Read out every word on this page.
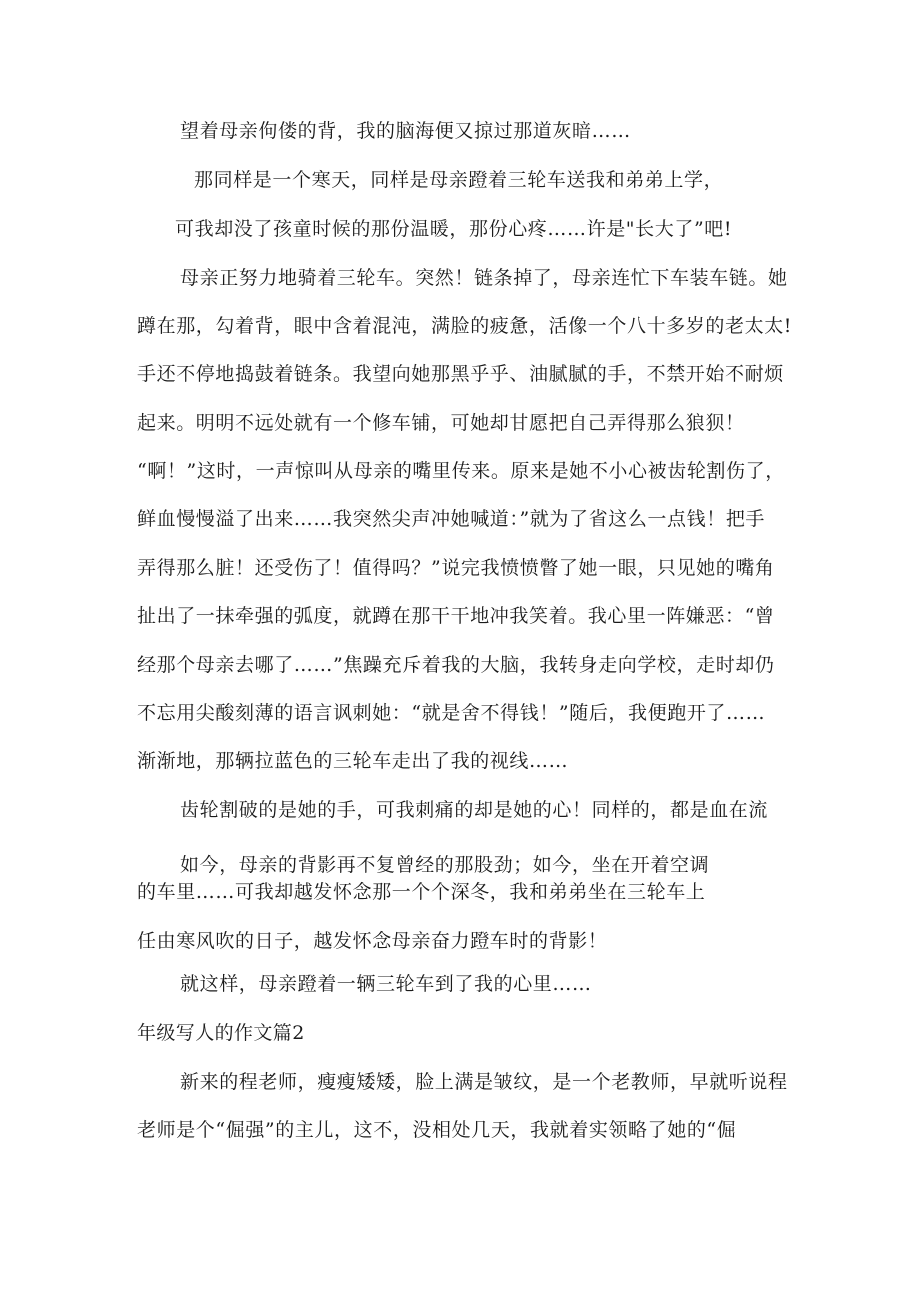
望着母亲佝偻的背，我的脑海便又掠过那道灰暗……
那同样是一个寒天，同样是母亲蹬着三轮车送我和弟弟上学，
可我却没了孩童时候的那份温暖，那份心疼……许是"长大了”吧!
母亲正努力地骑着三轮车。突然！链条掉了，母亲连忙下车装车链。她
蹲在那，勾着背，眼中含着混沌，满脸的疲惫，活像一个八十多岁的老太太!
手还不停地捣鼓着链条。我望向她那黑乎乎、油腻腻的手，不禁开始不耐烦
起来。明明不远处就有一个修车铺，可她却甘愿把自己弄得那么狼狈！
“啊！”这时，一声惊叫从母亲的嘴里传来。原来是她不小心被齿轮割伤了，
鲜血慢慢溢了出来……我突然尖声冲她喊道：”就为了省这么一点钱！把手
弄得那么脏！还受伤了！值得吗？”说完我愤愤瞥了她一眼，只见她的嘴角
扯出了一抹牵强的弧度，就蹲在那干干地冲我笑着。我心里一阵嫌恶：“曾
经那个母亲去哪了……”焦躁充斥着我的大脑，我转身走向学校，走时却仍
不忘用尖酸刻薄的语言讽刺她：“就是舍不得钱！”随后，我便跑开了……
渐渐地，那辆拉蓝色的三轮车走出了我的视线……
齿轮割破的是她的手，可我刺痛的却是她的心！同样的，都是血在流
如今，母亲的背影再不复曾经的那股劲；如今，坐在开着空调
的车里……可我却越发怀念那一个个深冬，我和弟弟坐在三轮车上
任由寒风吹的日子，越发怀念母亲奋力蹬车时的背影！
就这样，母亲蹬着一辆三轮车到了我的心里……
年级写人的作文篇2
新来的程老师，瘦瘦矮矮，脸上满是皱纹，是一个老教师，早就听说程
老师是个“倔强”的主儿，这不，没相处几天，我就着实领略了她的“倔
